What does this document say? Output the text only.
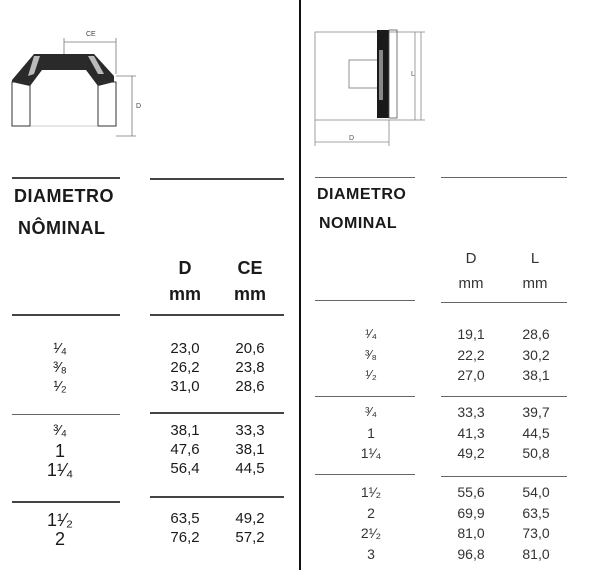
CE
D
DIAMETRO
NÔMINAL
D
mm
CE
mm
¹⁄₄	23,0	20,6
³⁄₈	26,2	23,8
¹⁄₂	31,0	28,6
³⁄₄	38,1	33,3
1	47,6	38,1
1¹⁄₄	56,4	44,5
1¹⁄₂	63,5	49,2
2	76,2	57,2
L
D
DIAMETRO
NOMINAL
D
mm
L
mm
¹⁄₄	19,1	28,6
³⁄₈	22,2	30,2
¹⁄₂	27,0	38,1
³⁄₄	33,3	39,7
1	41,3	44,5
1¹⁄₄	49,2	50,8
1¹⁄₂	55,6	54,0
2	69,9	63,5
2¹⁄₂	81,0	73,0
3	96,8	81,0
